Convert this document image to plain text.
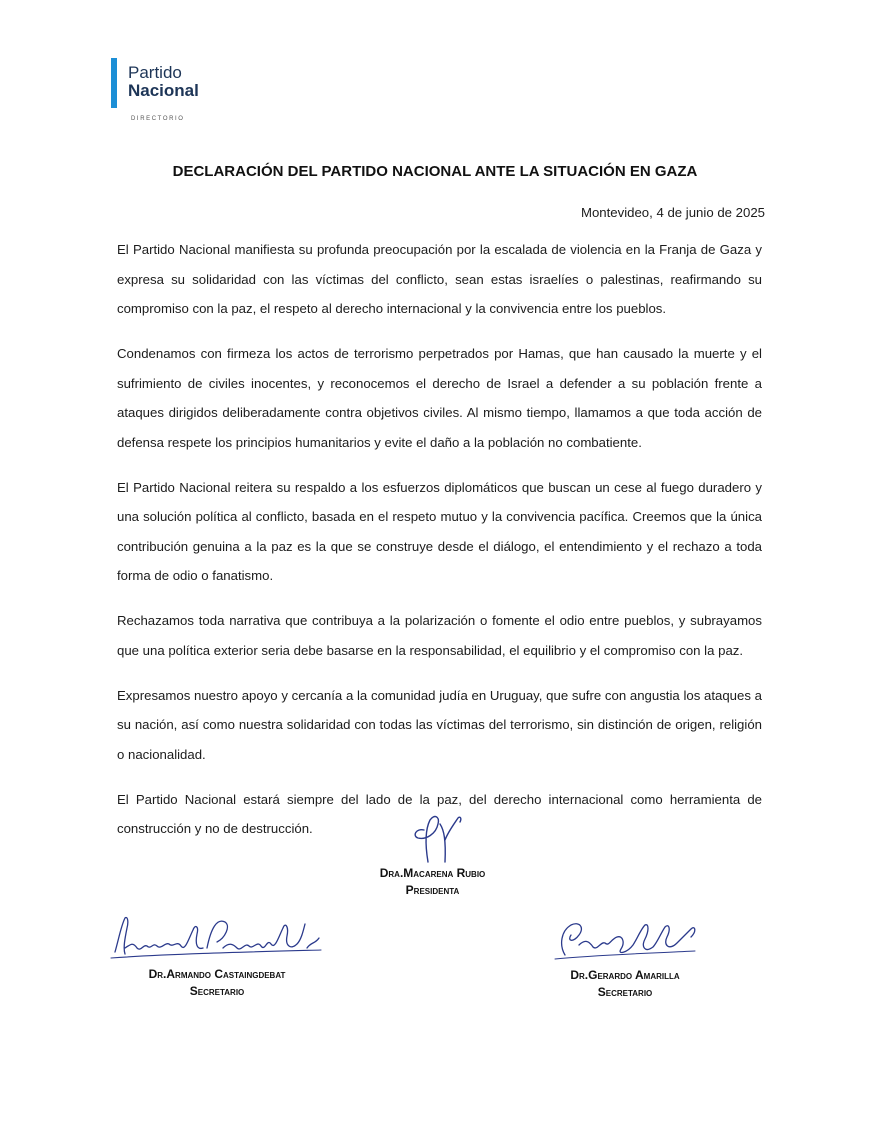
Partido
Nacional
DIRECTORIO
DECLARACIÓN DEL PARTIDO NACIONAL ANTE LA SITUACIÓN EN GAZA
Montevideo, 4 de junio de 2025

El Partido Nacional manifiesta su profunda preocupación por la escalada de violencia en la Franja de Gaza y expresa su solidaridad con las víctimas del conflicto, sean estas israelíes o palestinas, reafirmando su compromiso con la paz, el respeto al derecho internacional y la convivencia entre los pueblos.

Condenamos con firmeza los actos de terrorismo perpetrados por Hamas, que han causado la muerte y el sufrimiento de civiles inocentes, y reconocemos el derecho de Israel a defender a su población frente a ataques dirigidos deliberadamente contra objetivos civiles. Al mismo tiempo, llamamos a que toda acción de defensa respete los principios humanitarios y evite el daño a la población no combatiente.

El Partido Nacional reitera su respaldo a los esfuerzos diplomáticos que buscan un cese al fuego duradero y una solución política al conflicto, basada en el respeto mutuo y la convivencia pacífica. Creemos que la única contribución genuina a la paz es la que se construye desde el diálogo, el entendimiento y el rechazo a toda forma de odio o fanatismo.

Rechazamos toda narrativa que contribuya a la polarización o fomente el odio entre pueblos, y subrayamos que una política exterior seria debe basarse en la responsabilidad, el equilibrio y el compromiso con la paz.

Expresamos nuestro apoyo y cercanía a la comunidad judía en Uruguay, que sufre con angustia los ataques a su nación, así como nuestra solidaridad con todas las víctimas del terrorismo, sin distinción de origen, religión o nacionalidad.

El Partido Nacional estará siempre del lado de la paz, del derecho internacional como herramienta de construcción y no de destrucción.

Dra.Macarena Rubio
Presidenta
Dr.Armando Castaingdebat
Secretario
Dr.Gerardo Amarilla
Secretario
